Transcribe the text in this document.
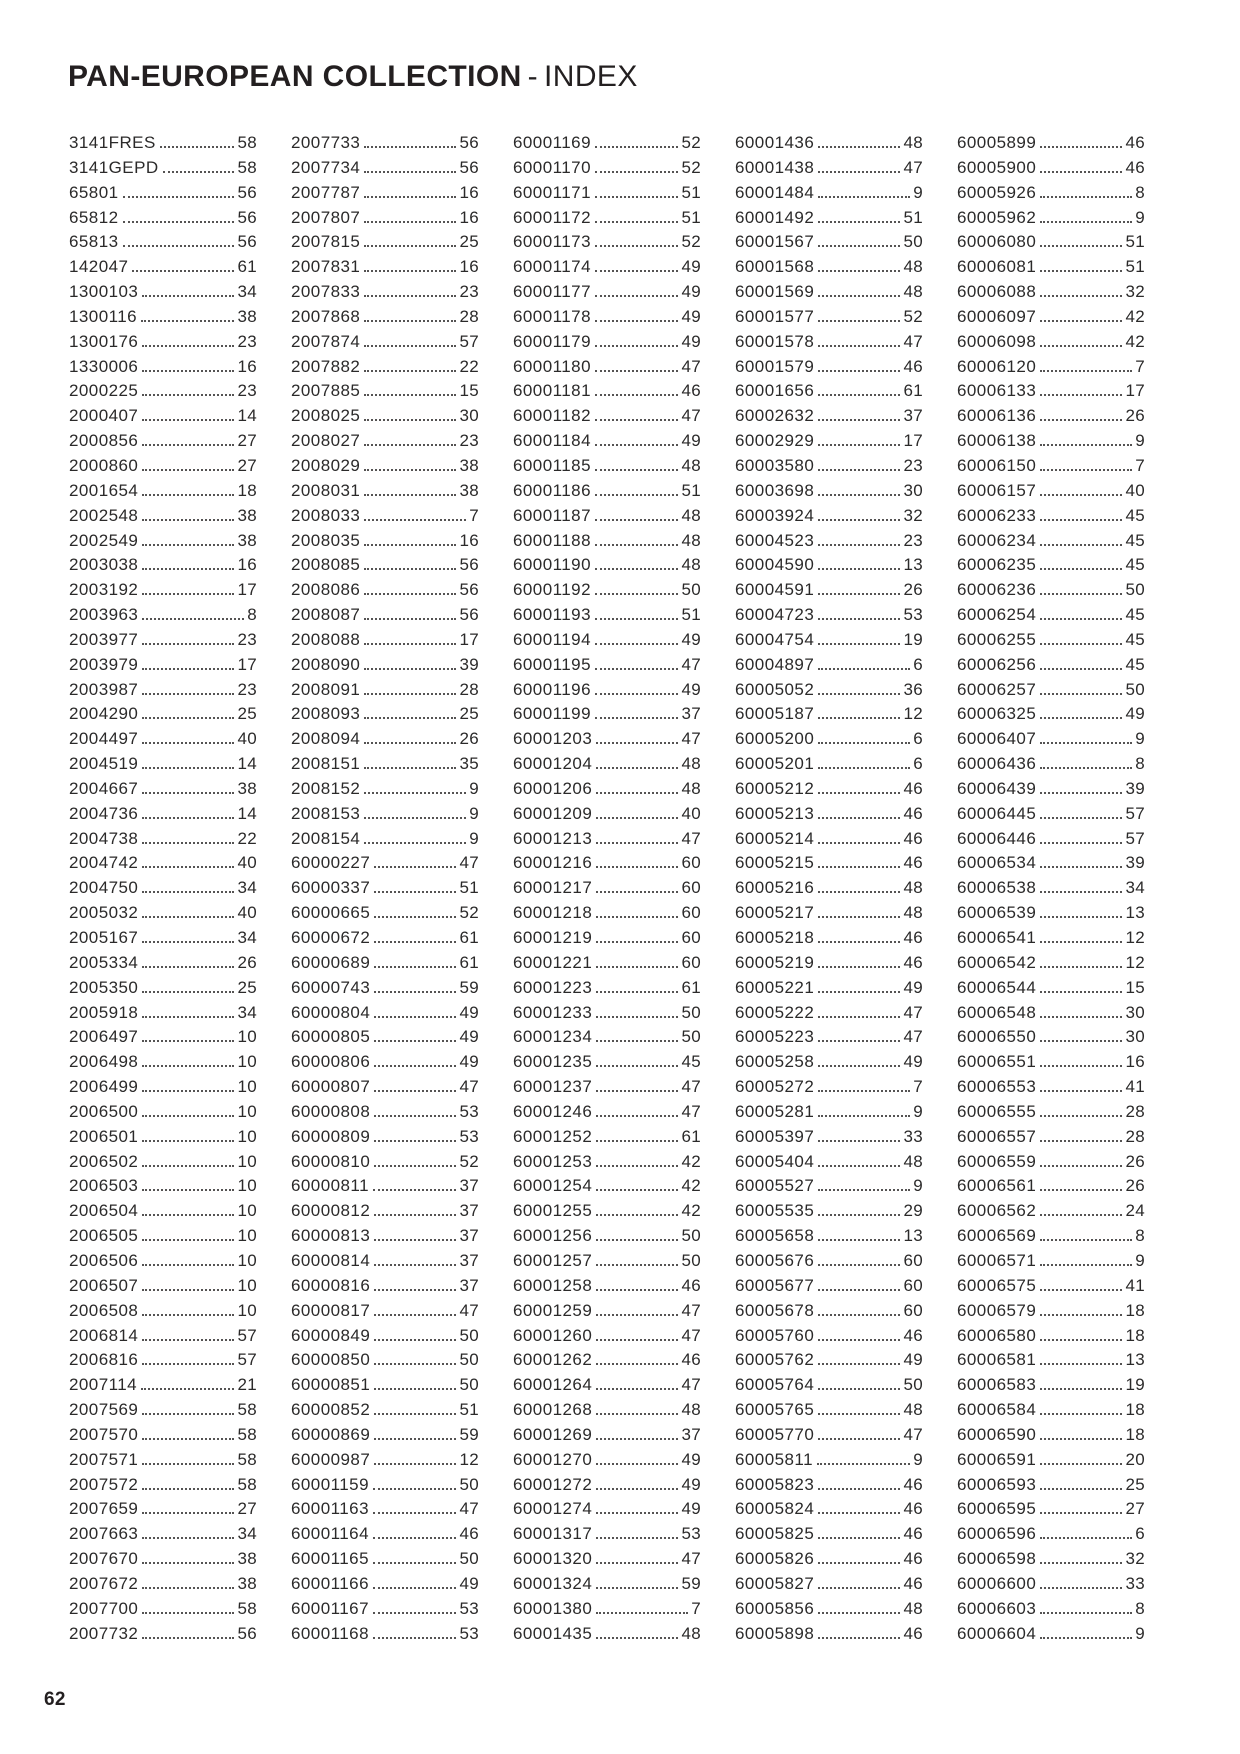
PAN-EUROPEAN COLLECTION - INDEX
3141FRES	58
3141GEPD	58
65801	56
65812	56
65813	56
142047	61
1300103	34
1300116	38
1300176	23
1330006	16
2000225	23
2000407	14
2000856	27
2000860	27
2001654	18
2002548	38
2002549	38
2003038	16
2003192	17
2003963	8
2003977	23
2003979	17
2003987	23
2004290	25
2004497	40
2004519	14
2004667	38
2004736	14
2004738	22
2004742	40
2004750	34
2005032	40
2005167	34
2005334	26
2005350	25
2005918	34
2006497	10
2006498	10
2006499	10
2006500	10
2006501	10
2006502	10
2006503	10
2006504	10
2006505	10
2006506	10
2006507	10
2006508	10
2006814	57
2006816	57
2007114	21
2007569	58
2007570	58
2007571	58
2007572	58
2007659	27
2007663	34
2007670	38
2007672	38
2007700	58
2007732	56
2007733	56
2007734	56
2007787	16
2007807	16
2007815	25
2007831	16
2007833	23
2007868	28
2007874	57
2007882	22
2007885	15
2008025	30
2008027	23
2008029	38
2008031	38
2008033	7
2008035	16
2008085	56
2008086	56
2008087	56
2008088	17
2008090	39
2008091	28
2008093	25
2008094	26
2008151	35
2008152	9
2008153	9
2008154	9
60000227	47
60000337	51
60000665	52
60000672	61
60000689	61
60000743	59
60000804	49
60000805	49
60000806	49
60000807	47
60000808	53
60000809	53
60000810	52
60000811	37
60000812	37
60000813	37
60000814	37
60000816	37
60000817	47
60000849	50
60000850	50
60000851	50
60000852	51
60000869	59
60000987	12
60001159	50
60001163	47
60001164	46
60001165	50
60001166	49
60001167	53
60001168	53
60001169	52
60001170	52
60001171	51
60001172	51
60001173	52
60001174	49
60001177	49
60001178	49
60001179	49
60001180	47
60001181	46
60001182	47
60001184	49
60001185	48
60001186	51
60001187	48
60001188	48
60001190	48
60001192	50
60001193	51
60001194	49
60001195	47
60001196	49
60001199	37
60001203	47
60001204	48
60001206	48
60001209	40
60001213	47
60001216	60
60001217	60
60001218	60
60001219	60
60001221	60
60001223	61
60001233	50
60001234	50
60001235	45
60001237	47
60001246	47
60001252	61
60001253	42
60001254	42
60001255	42
60001256	50
60001257	50
60001258	46
60001259	47
60001260	47
60001262	46
60001264	47
60001268	48
60001269	37
60001270	49
60001272	49
60001274	49
60001317	53
60001320	47
60001324	59
60001380	7
60001435	48
60001436	48
60001438	47
60001484	9
60001492	51
60001567	50
60001568	48
60001569	48
60001577	52
60001578	47
60001579	46
60001656	61
60002632	37
60002929	17
60003580	23
60003698	30
60003924	32
60004523	23
60004590	13
60004591	26
60004723	53
60004754	19
60004897	6
60005052	36
60005187	12
60005200	6
60005201	6
60005212	46
60005213	46
60005214	46
60005215	46
60005216	48
60005217	48
60005218	46
60005219	46
60005221	49
60005222	47
60005223	47
60005258	49
60005272	7
60005281	9
60005397	33
60005404	48
60005527	9
60005535	29
60005658	13
60005676	60
60005677	60
60005678	60
60005760	46
60005762	49
60005764	50
60005765	48
60005770	47
60005811	9
60005823	46
60005824	46
60005825	46
60005826	46
60005827	46
60005856	48
60005898	46
60005899	46
60005900	46
60005926	8
60005962	9
60006080	51
60006081	51
60006088	32
60006097	42
60006098	42
60006120	7
60006133	17
60006136	26
60006138	9
60006150	7
60006157	40
60006233	45
60006234	45
60006235	45
60006236	50
60006254	45
60006255	45
60006256	45
60006257	50
60006325	49
60006407	9
60006436	8
60006439	39
60006445	57
60006446	57
60006534	39
60006538	34
60006539	13
60006541	12
60006542	12
60006544	15
60006548	30
60006550	30
60006551	16
60006553	41
60006555	28
60006557	28
60006559	26
60006561	26
60006562	24
60006569	8
60006571	9
60006575	41
60006579	18
60006580	18
60006581	13
60006583	19
60006584	18
60006590	18
60006591	20
60006593	25
60006595	27
60006596	6
60006598	32
60006600	33
60006603	8
60006604	9
62
